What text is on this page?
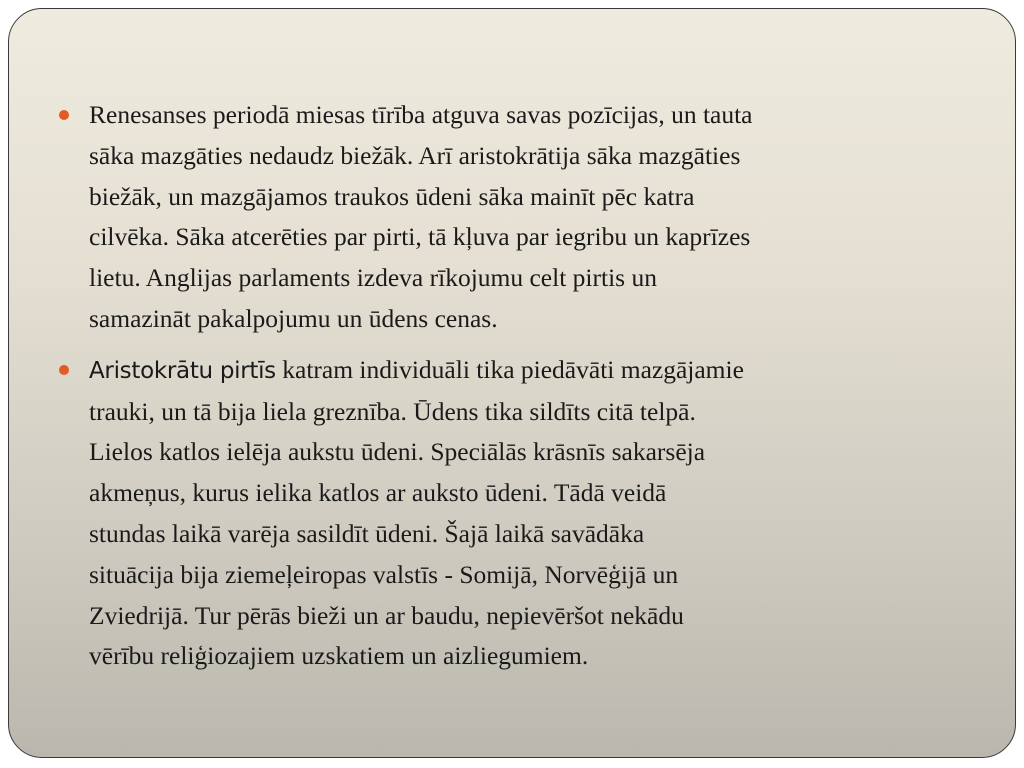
Renesanses periodā miesas tīrība atguva savas pozīcijas, un tauta
sāka mazgāties nedaudz biežāk. Arī aristokrātija sāka mazgāties
biežāk, un mazgājamos traukos ūdeni sāka mainīt pēc katra
cilvēka. Sāka atcerēties par pirti, tā kļuva par iegribu un kaprīzes
lietu. Anglijas parlaments izdeva rīkojumu celt pirtis un
samazināt pakalpojumu un ūdens cenas.

Aristokrātu pirtīs katram individuāli tika piedāvāti mazgājamie
trauki, un tā bija liela greznība. Ūdens tika sildīts citā telpā.
Lielos katlos ielēja aukstu ūdeni. Speciālās krāsnīs sakarsēja
akmeņus, kurus ielika katlos ar auksto ūdeni. Tādā veidā
stundas laikā varēja sasildīt ūdeni. Šajā laikā savādāka
situācija bija ziemeļeiropas valstīs - Somijā, Norvēģijā un
Zviedrijā. Tur pērās bieži un ar baudu, nepievēršot nekādu
vērību reliģiozajiem uzskatiem un aizliegumiem.
